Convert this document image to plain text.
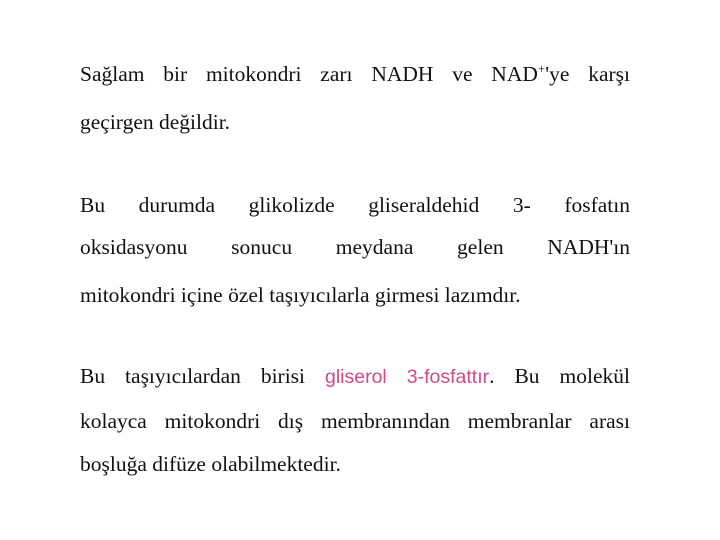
Sağlam bir mitokondri zarı NADH ve NAD+'ye karşı
geçirgen değildir.
Bu durumda glikolizde gliseraldehid 3- fosfatın
oksidasyonu sonucu meydana gelen NADH'ın
mitokondri içine özel taşıyıcılarla girmesi lazımdır.
Bu taşıyıcılardan birisi gliserol 3-fosfattır. Bu molekül
kolayca mitokondri dış membranından membranlar arası
boşluğa difüze olabilmektedir.
